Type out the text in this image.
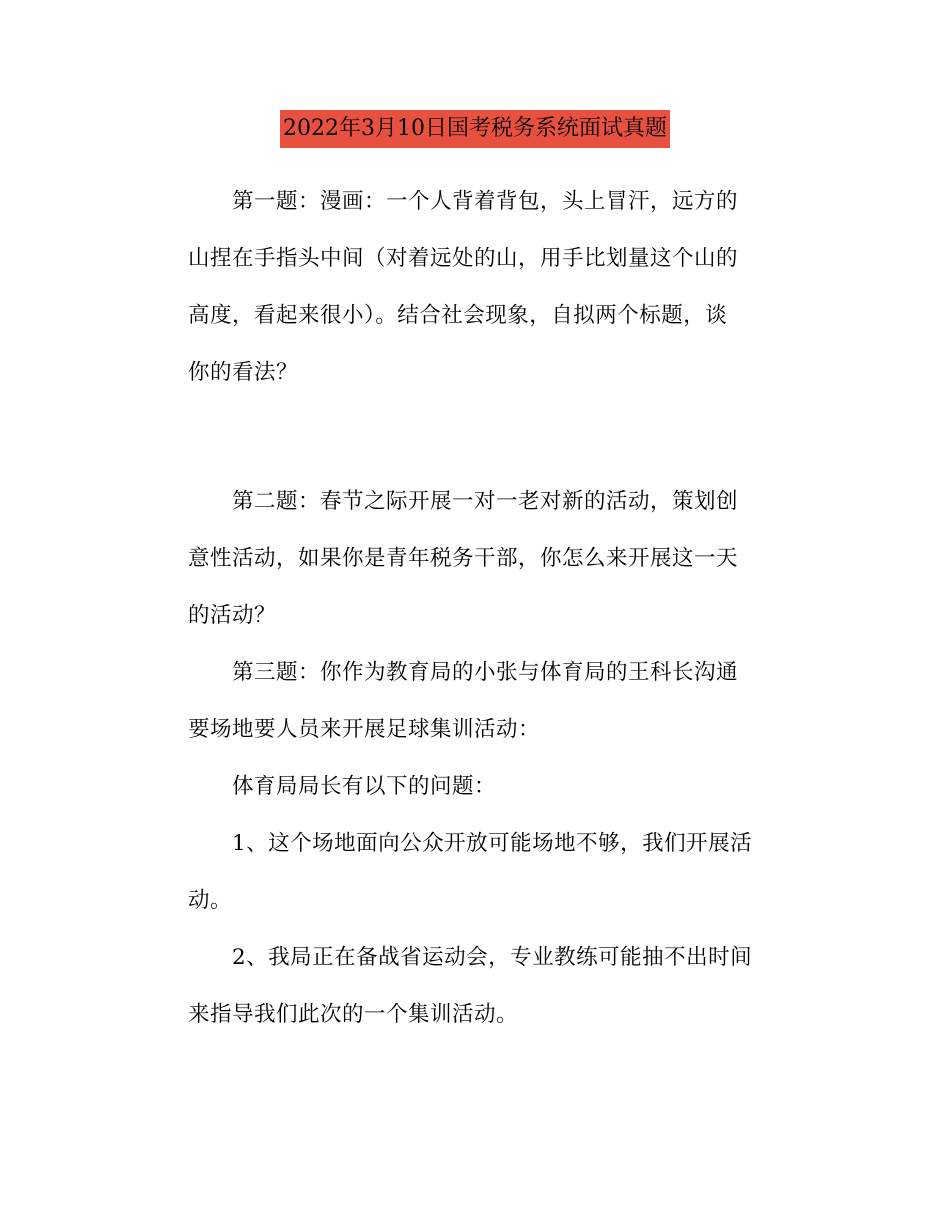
2022年3月10日国考税务系统面试真题

第一题：漫画：一个人背着背包，头上冒汗，远方的
山捏在手指头中间（对着远处的山，用手比划量这个山的
高度，看起来很小）。结合社会现象，自拟两个标题，谈
你的看法？

第二题：春节之际开展一对一老对新的活动，策划创
意性活动，如果你是青年税务干部，你怎么来开展这一天
的活动？

第三题：你作为教育局的小张与体育局的王科长沟通
要场地要人员来开展足球集训活动：

体育局局长有以下的问题：

1、这个场地面向公众开放可能场地不够，我们开展活
动。

2、我局正在备战省运动会，专业教练可能抽不出时间
来指导我们此次的一个集训活动。
